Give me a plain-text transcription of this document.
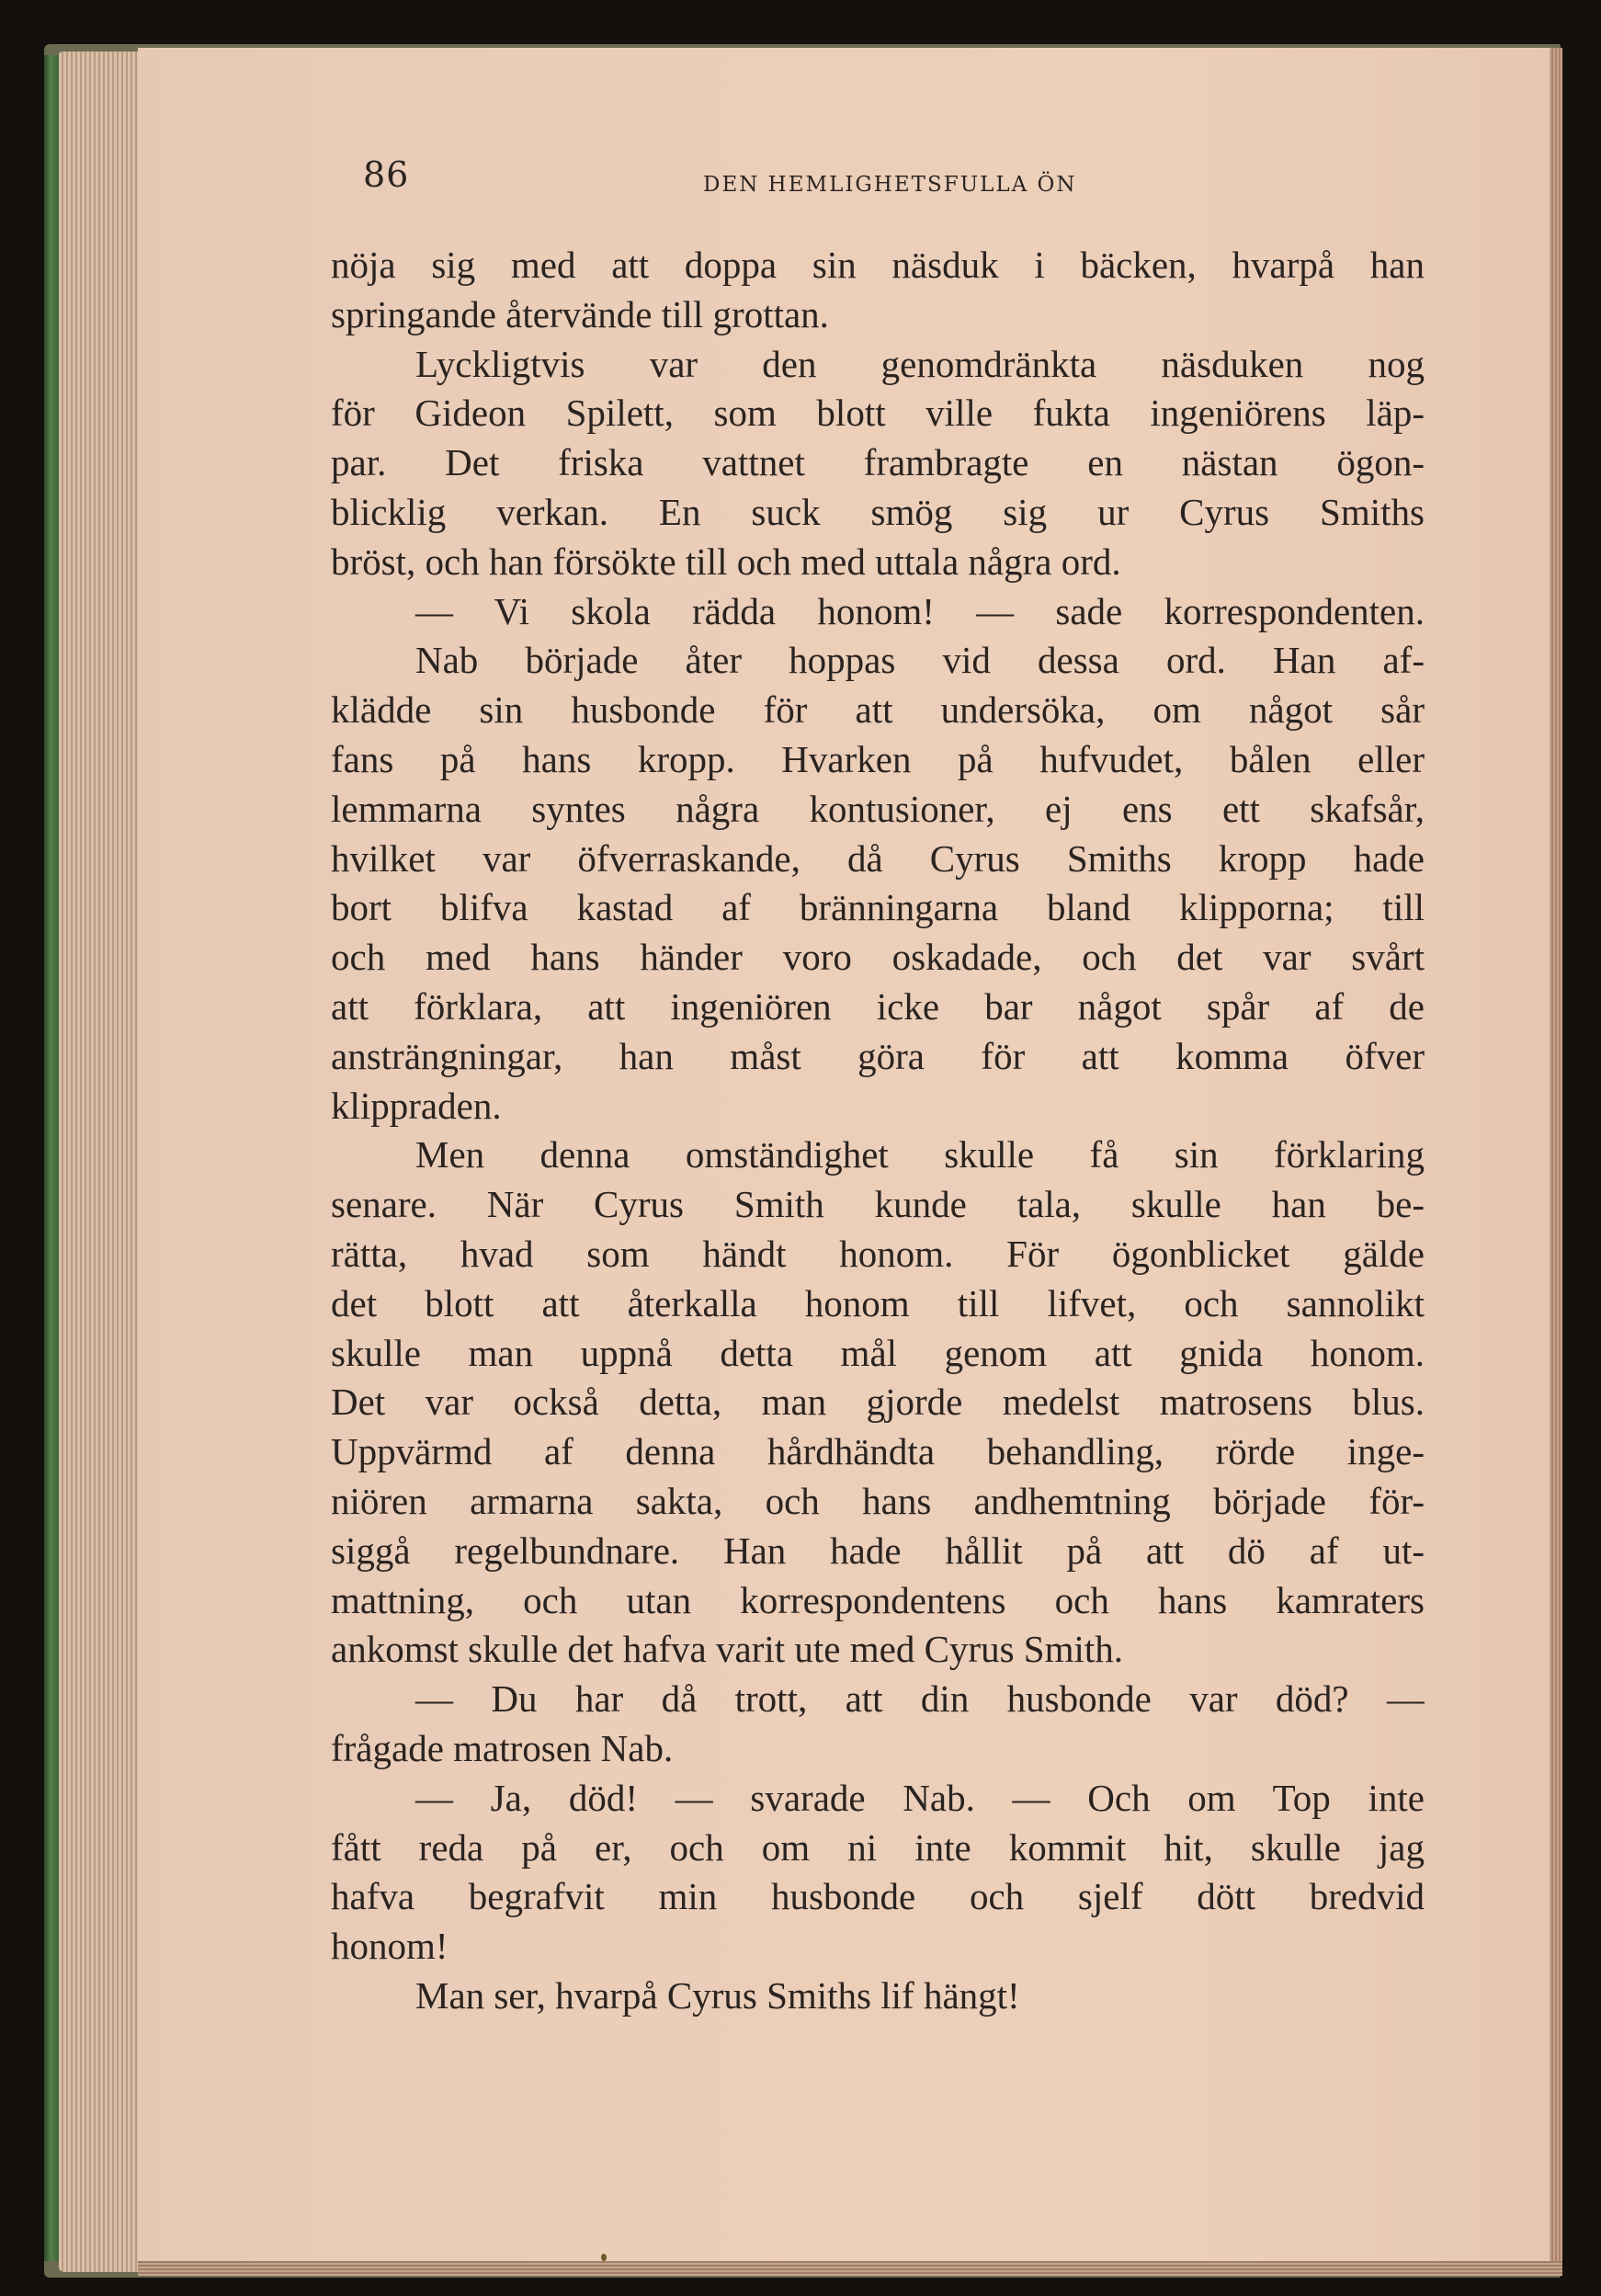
86	DEN HEMLIGHETSFULLA ÖN
nöja sig med att doppa sin näsduk i bäcken, hvarpå han
springande återvände till grottan.
Lyckligtvis var den genomdränkta näsduken nog
för Gideon Spilett, som blott ville fukta ingeniörens läp-
par. Det friska vattnet frambragte en nästan ögon-
blicklig verkan. En suck smög sig ur Cyrus Smiths
bröst, och han försökte till och med uttala några ord.
— Vi skola rädda honom! — sade korrespondenten.
Nab började åter hoppas vid dessa ord. Han af-
klädde sin husbonde för att undersöka, om något sår
fans på hans kropp. Hvarken på hufvudet, bålen eller
lemmarna syntes några kontusioner, ej ens ett skafsår,
hvilket var öfverraskande, då Cyrus Smiths kropp hade
bort blifva kastad af bränningarna bland klipporna; till
och med hans händer voro oskadade, och det var svårt
att förklara, att ingeniören icke bar något spår af de
ansträngningar, han måst göra för att komma öfver
klippraden.
Men denna omständighet skulle få sin förklaring
senare. När Cyrus Smith kunde tala, skulle han be-
rätta, hvad som händt honom. För ögonblicket gälde
det blott att återkalla honom till lifvet, och sannolikt
skulle man uppnå detta mål genom att gnida honom.
Det var också detta, man gjorde medelst matrosens blus.
Uppvärmd af denna hårdhändta behandling, rörde inge-
niören armarna sakta, och hans andhemtning började för-
siggå regelbundnare. Han hade hållit på att dö af ut-
mattning, och utan korrespondentens och hans kamraters
ankomst skulle det hafva varit ute med Cyrus Smith.
— Du har då trott, att din husbonde var död? —
frågade matrosen Nab.
— Ja, död! — svarade Nab. — Och om Top inte
fått reda på er, och om ni inte kommit hit, skulle jag
hafva begrafvit min husbonde och sjelf dött bredvid
honom!
Man ser, hvarpå Cyrus Smiths lif hängt!
